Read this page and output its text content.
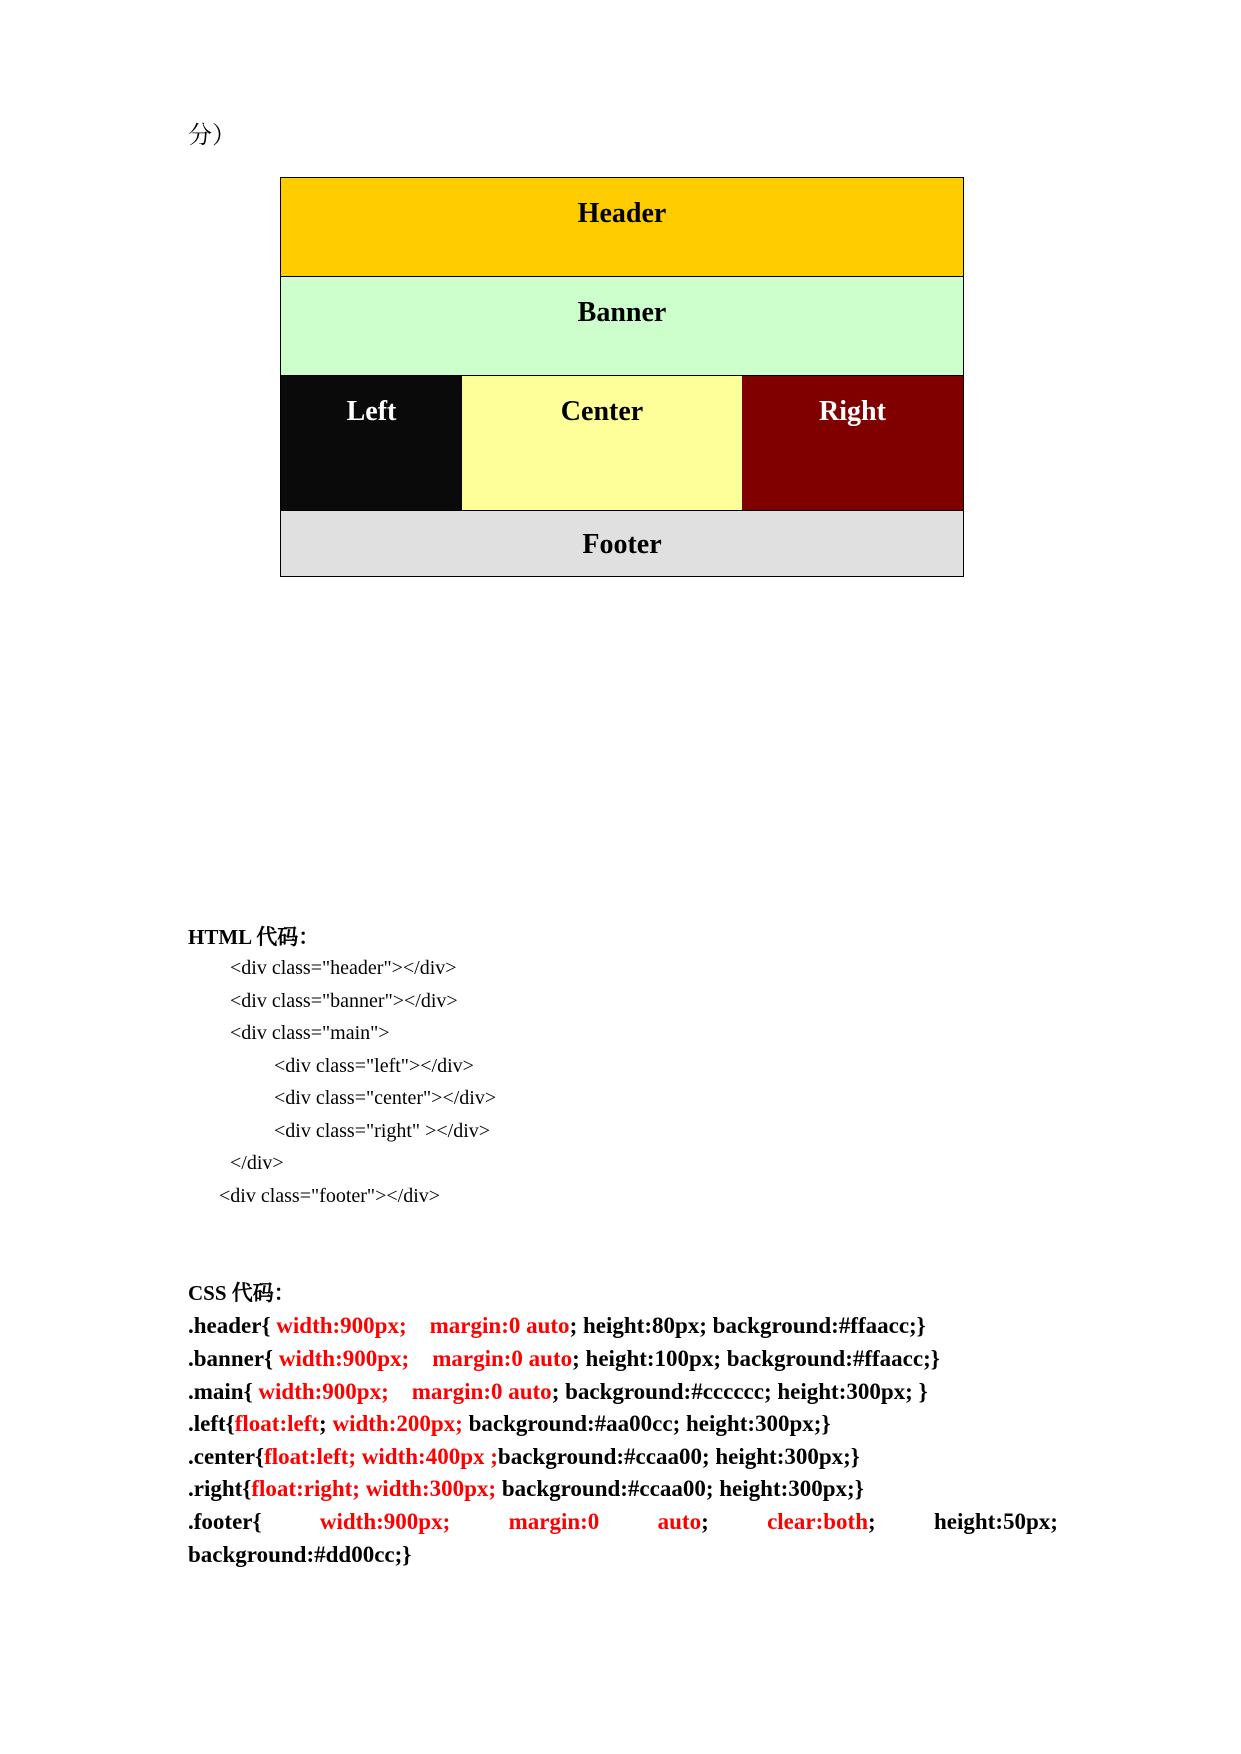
分）
Header
Banner
Left	Center	Right
Footer
HTML 代码：
<div class="header"></div>
<div class="banner"></div>
<div class="main">
<div class="left"></div>
<div class="center"></div>
<div class="right" ></div>
</div>
<div class="footer"></div>
CSS 代码：
.header{ width:900px; margin:0 auto; height:80px; background:#ffaacc;}
.banner{ width:900px; margin:0 auto; height:100px; background:#ffaacc;}
.main{ width:900px; margin:0 auto; background:#cccccc; height:300px; }
.left{float:left; width:200px; background:#aa00cc; height:300px;}
.center{float:left; width:400px ;background:#ccaa00; height:300px;}
.right{float:right; width:300px; background:#ccaa00; height:300px;}
.footer{	width:900px;	margin:0	auto ;	clear:both ;	height:50px;
background:#dd00cc;}
